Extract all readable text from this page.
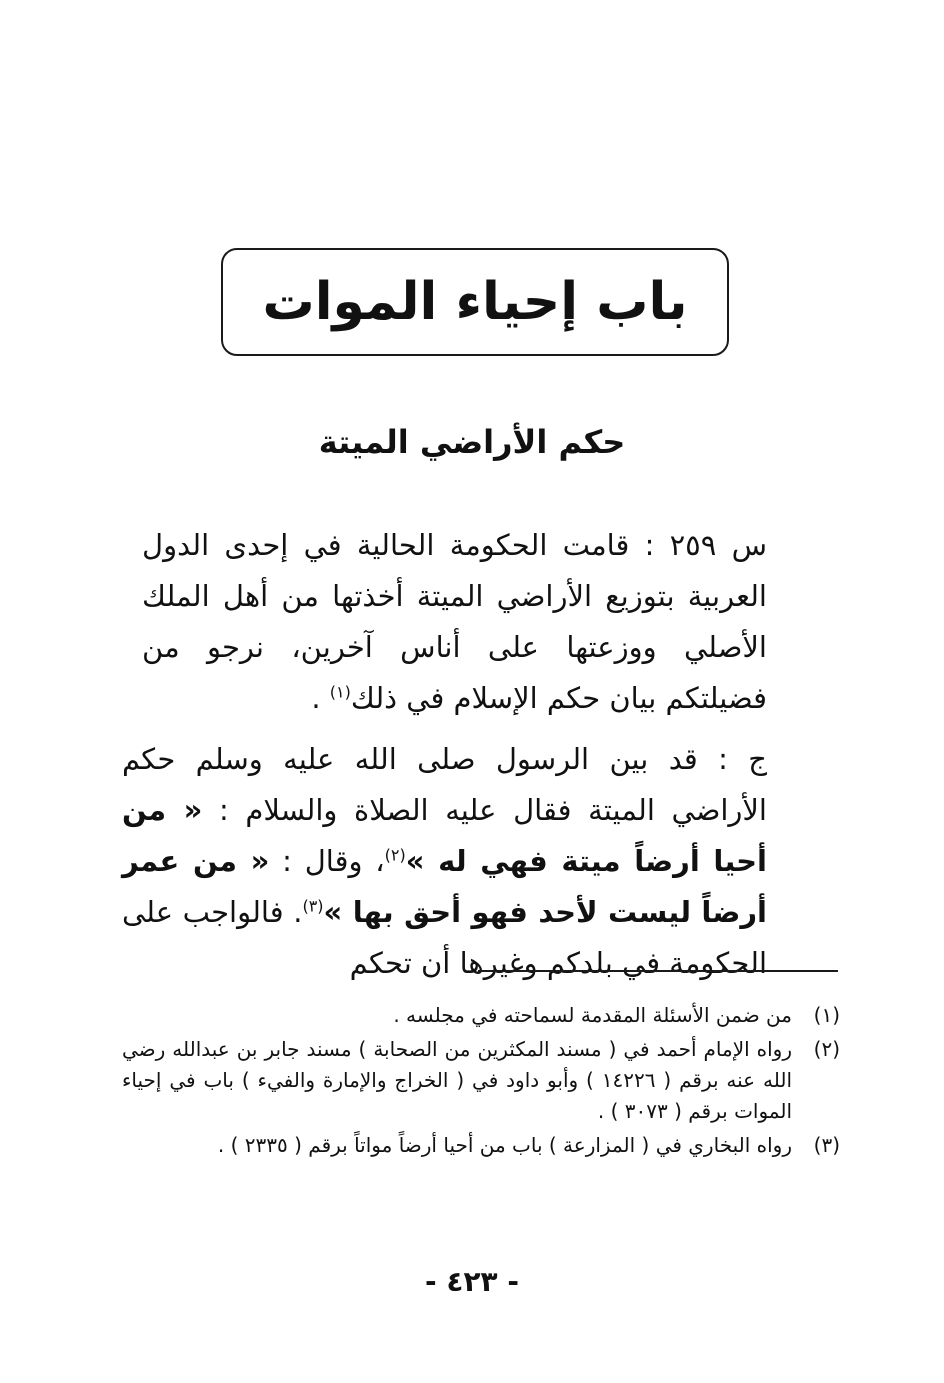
باب إحياء الموات
حكم الأراضي الميتة

س ٢٥٩ : قامت الحكومة الحالية في إحدى الدول العربية بتوزيع الأراضي الميتة أخذتها من أهل الملك الأصلي ووزعتها على أناس آخرين، نرجو من فضيلتكم بيان حكم الإسلام في ذلك$^{(١)}$ .

ج : قد بين الرسول صلى الله عليه وسلم حكم الأراضي الميتة فقال عليه الصلاة والسلام : « من أحيا أرضاً ميتة فهي له »$^{(٢)}$، وقال : « من عمر أرضاً ليست لأحد فهو أحق بها »$^{(٣)}$. فالواجب على الحكومة في بلدكم وغيرها أن تحكم

(١)
من ضمن الأسئلة المقدمة لسماحته في مجلسه .
(٢)
رواه الإمام أحمد في ( مسند المكثرين من الصحابة ) مسند جابر بن عبدالله رضي الله عنه برقم ( ١٤٢٢٦ ) وأبو داود في ( الخراج والإمارة والفيء ) باب في إحياء الموات برقم ( ٣٠٧٣ ) .
(٣)
رواه البخاري في ( المزارعة ) باب من أحيا أرضاً مواتاً برقم ( ٢٣٣٥ ) .
- ٤٢٣ -
